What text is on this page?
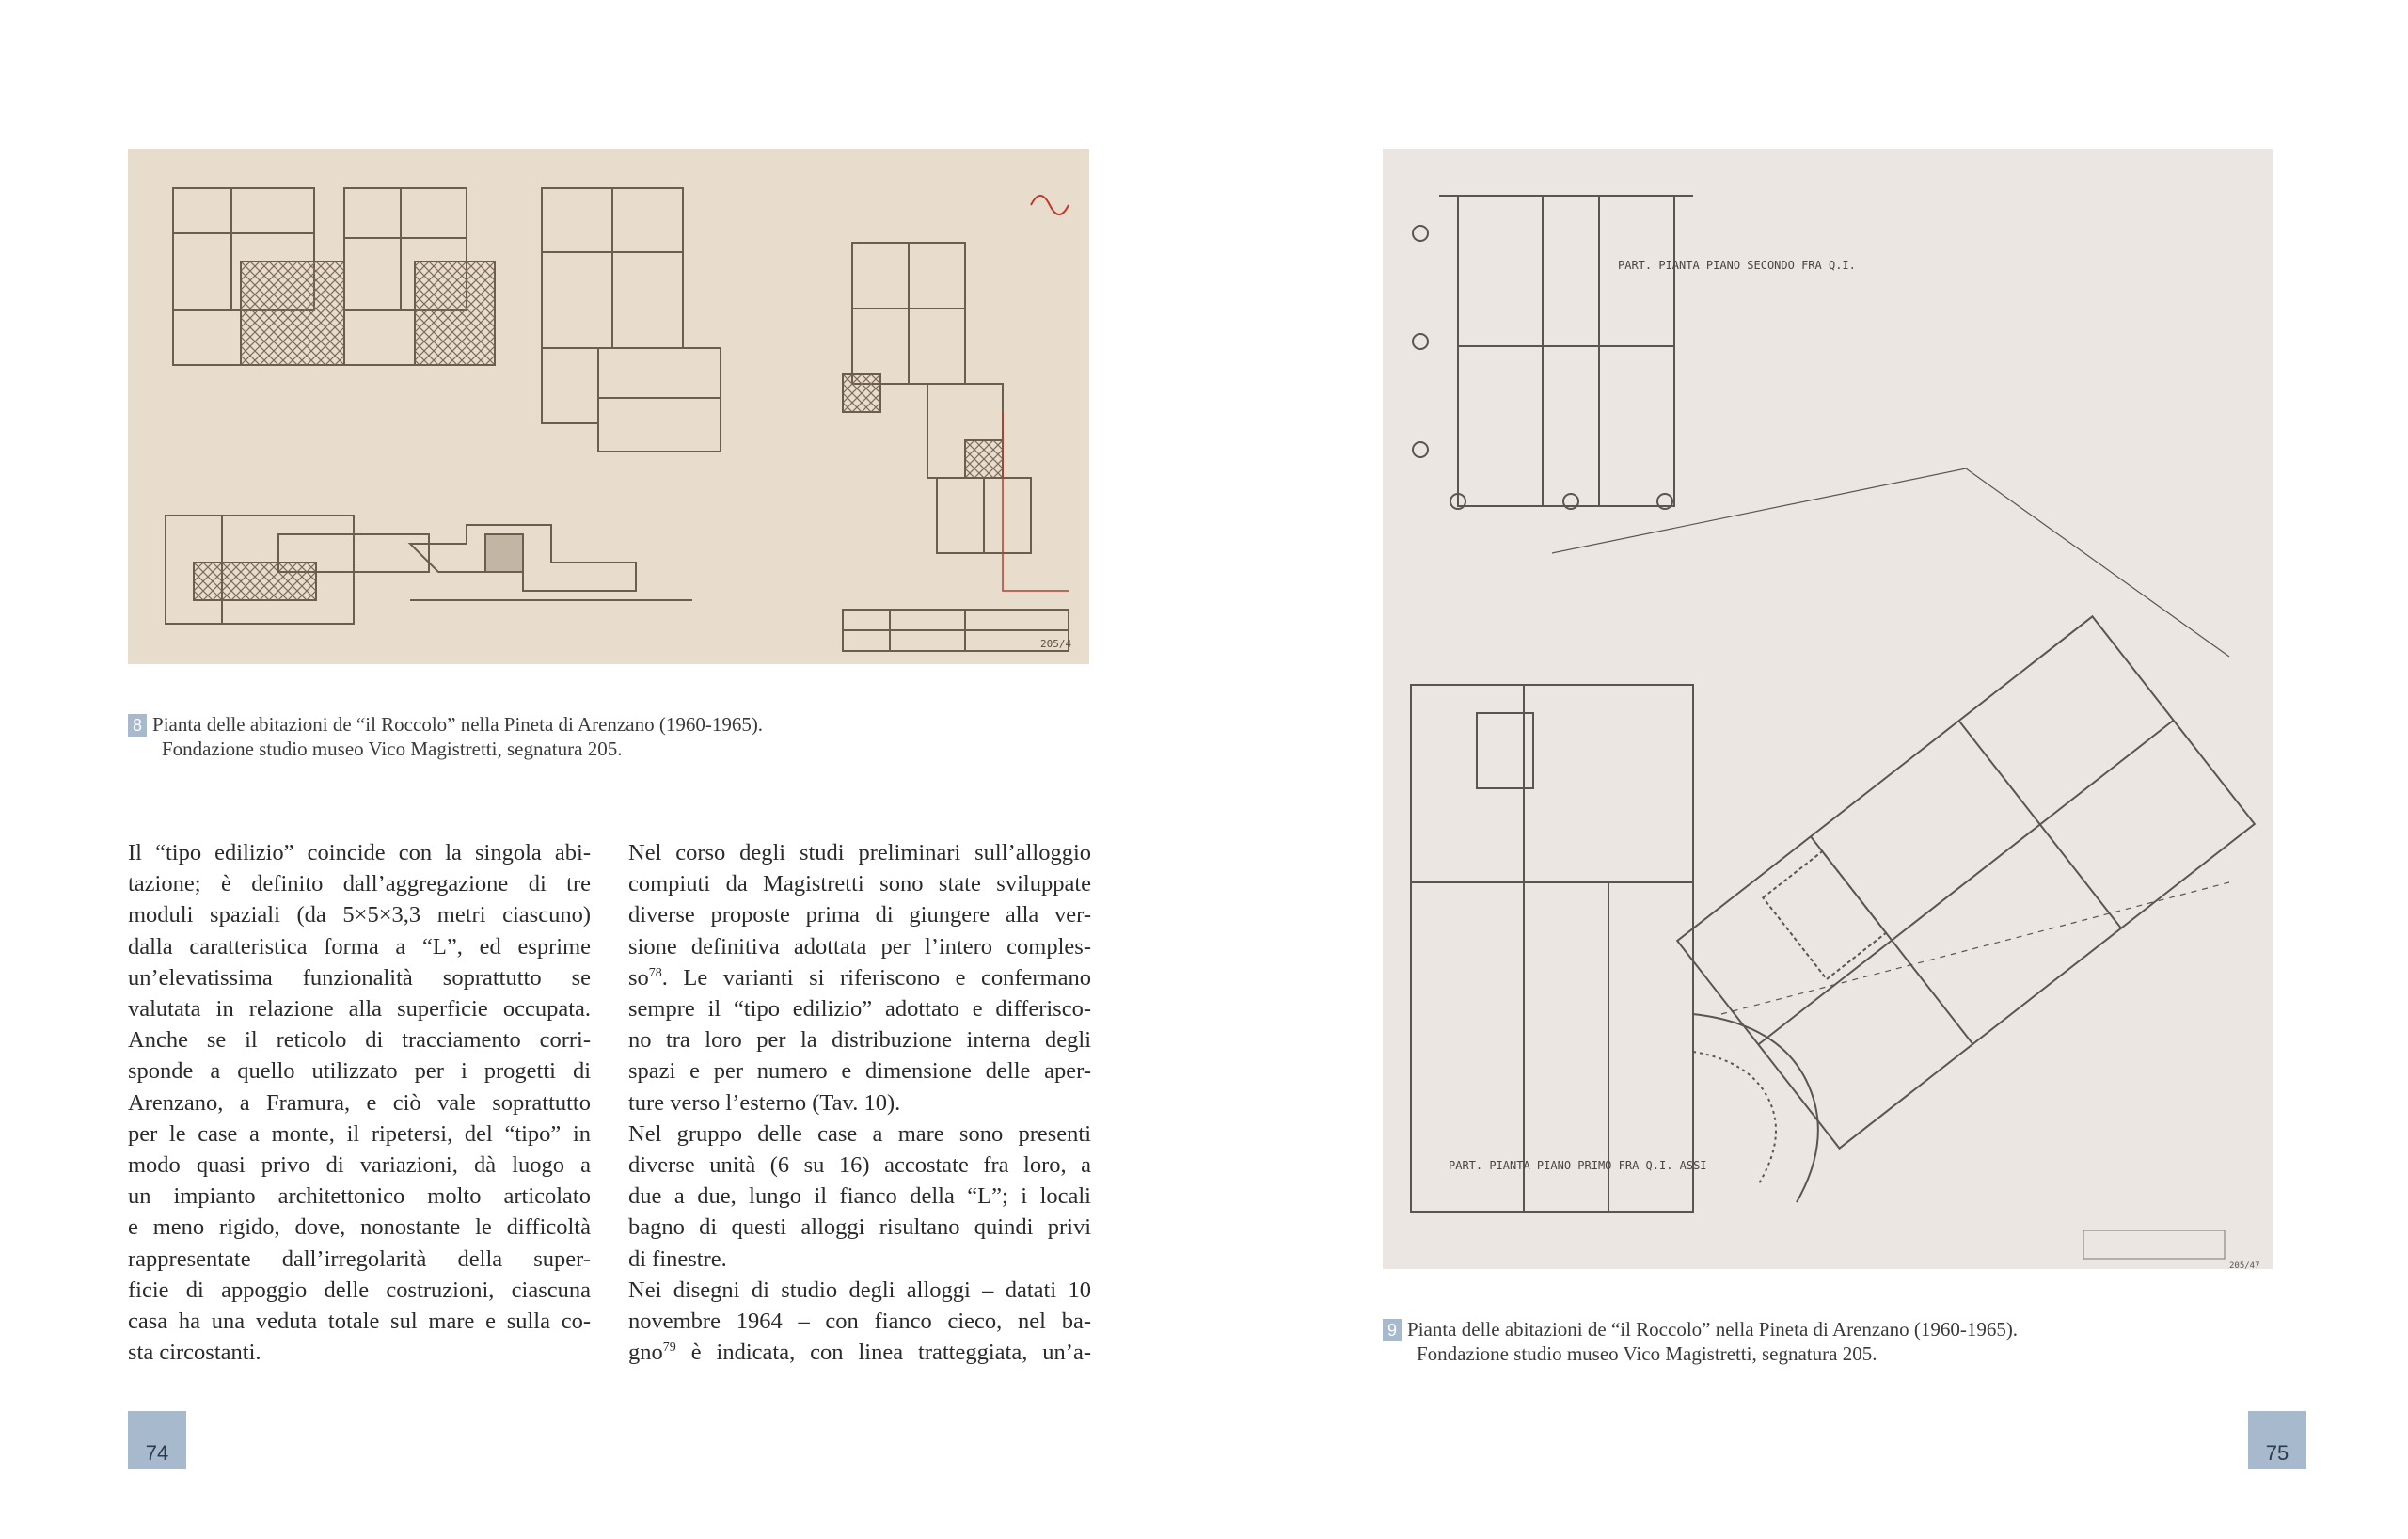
205/4
8 Pianta delle abitazioni de “il Roccolo” nella Pineta di Arenzano (1960-1965).
Fondazione studio museo Vico Magistretti, segnatura 205.
PART. PIANTA PIANO SECONDO FRA Q.I.
PART. PIANTA PIANO PRIMO FRA Q.I. ASSI
205/47
9 Pianta delle abitazioni de “il Roccolo” nella Pineta di Arenzano (1960-1965).
Fondazione studio museo Vico Magistretti, segnatura 205.

Il “tipo edilizio” coincide con la singola abi-
tazione; è definito dall’aggregazione di tre
moduli spaziali (da 5×5×3,3 metri ciascuno)
dalla caratteristica forma a “L”, ed esprime
un’elevatissima funzionalità soprattutto se
valutata in relazione alla superficie occupata.
Anche se il reticolo di tracciamento corri-
sponde a quello utilizzato per i progetti di
Arenzano, a Framura, e ciò vale soprattutto
per le case a monte, il ripetersi, del “tipo” in
modo quasi privo di variazioni, dà luogo a
un impianto architettonico molto articolato
e meno rigido, dove, nonostante le difficoltà
rappresentate dall’irregolarità della super-
ficie di appoggio delle costruzioni, ciascuna
casa ha una veduta totale sul mare e sulla co-
sta circostanti.

Nel corso degli studi preliminari sull’alloggio
compiuti da Magistretti sono state sviluppate
diverse proposte prima di giungere alla ver-
sione definitiva adottata per l’intero comples-
$so^{78}$. Le varianti si riferiscono e confermano
sempre il “tipo edilizio” adottato e differisco-
no tra loro per la distribuzione interna degli
spazi e per numero e dimensione delle aper-
ture verso l’esterno (Tav. 10).

Nel gruppo delle case a mare sono presenti
diverse unità (6 su 16) accostate fra loro, a
due a due, lungo il fianco della “L”; i locali
bagno di questi alloggi risultano quindi privi
di finestre.

Nei disegni di studio degli alloggi – datati 10
novembre 1964 – con fianco cieco, nel ba-
gno$^{79}$ è indicata, con linea tratteggiata, un’a-

74	75
